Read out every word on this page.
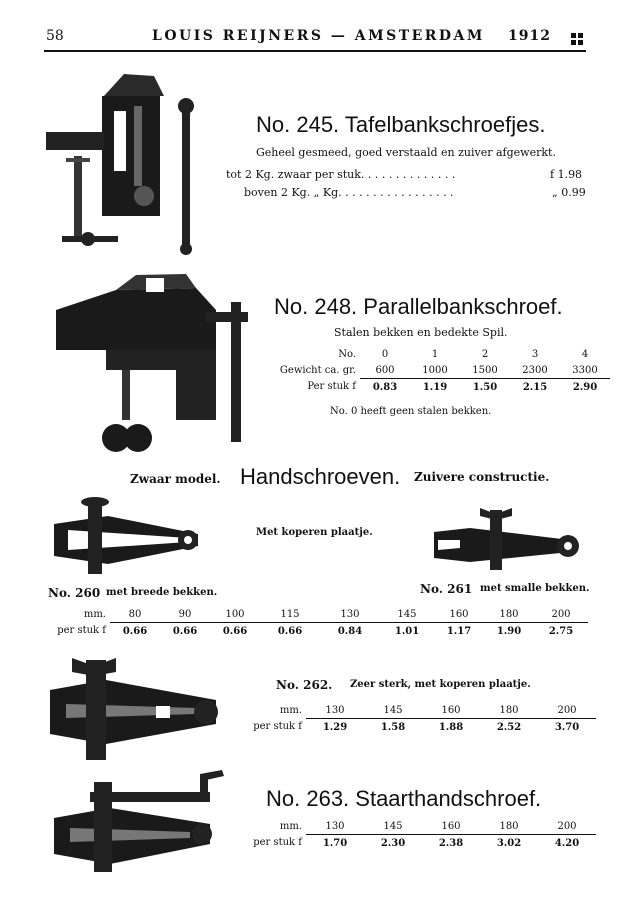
58	LOUIS REIJNERS — AMSTERDAM 1912
No. 245. Tafelbankschroefjes.
Geheel gesmeed, goed verstaald en zuiver afgewerkt.
tot 2 Kg. zwaar per stuk. . . . . . . . . . . . . .	f 1.98
boven 2 Kg. „ Kg. . . . . . . . . . . . . . . . .	„ 0.99
No. 248. Parallelbankschroef.
Stalen bekken en bedekte Spil.
No.	0	1	2	3	4
Gewicht ca. gr.	600	1000	1500	2300	3300
Per stuk f	0.83	1.19	1.50	2.15	2.90
No. 0 heeft geen stalen bekken.
Zwaar model. Handschroeven. Zuivere constructie.
Met koperen plaatje.
No. 260 met breede bekken.	No. 261 met smalle bekken.
mm.	80	90	100	115	130	145	160	180	200
per stuk f	0.66	0.66	0.66	0.66	0.84	1.01	1.17	1.90	2.75
No. 262. Zeer sterk, met koperen plaatje.
mm.	130	145	160	180	200
per stuk f	1.29	1.58	1.88	2.52	3.70
No. 263. Staarthandschroef.
mm.	130	145	160	180	200
per stuk f	1.70	2.30	2.38	3.02	4.20
